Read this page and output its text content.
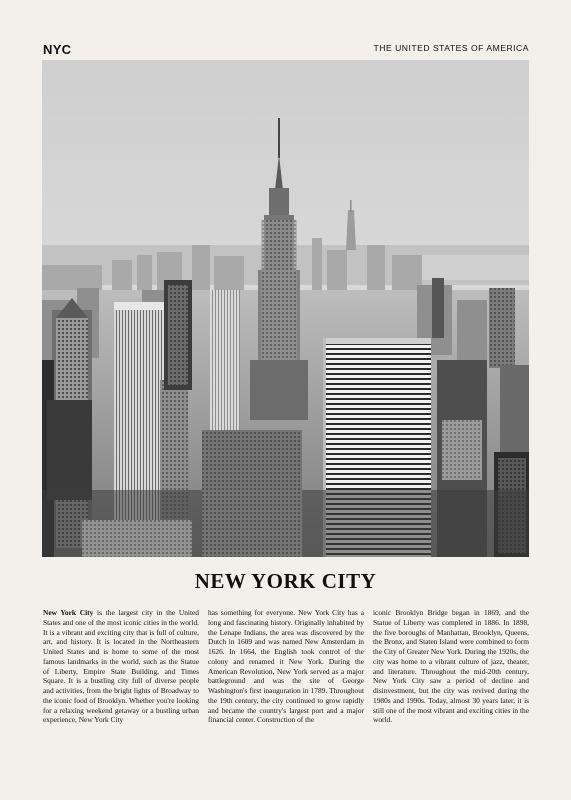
NYC	THE UNITED STATES OF AMERICA
NEW YORK CITY
New York City is the largest city in the United States and one of the most iconic cities in the world. It is a vibrant and exciting city that is full of culture, art, and history. It is located in the Northeastern United States and is home to some of the most famous landmarks in the world, such as the Statue of Liberty, Empire State Building, and Times Square. It is a bustling city full of diverse people and activities, from the bright lights of Broadway to the iconic food of Brooklyn. Whether you're looking for a relaxing weekend getaway or a bustling urban experience, New York City
has something for everyone. New York City has a long and fascinating history. Originally inhabited by the Lenape Indians, the area was discovered by the Dutch in 1609 and was named New Amsterdam in 1626. In 1664, the English took control of the colony and renamed it New York. During the American Revolution, New York served as a major battleground and was the site of George Washington's first inauguration in 1789. Throughout the 19th century, the city continued to grow rapidly and became the country's largest port and a major financial center. Construction of the
iconic Brooklyn Bridge began in 1869, and the Statue of Liberty was completed in 1886. In 1898, the five boroughs of Manhattan, Brooklyn, Queens, the Bronx, and Staten Island were combined to form the City of Greater New York. During the 1920s, the city was home to a vibrant culture of jazz, theater, and literature. Throughout the mid-20th century, New York City saw a period of decline and disinvestment, but the city was revived during the 1980s and 1990s. Today, almost 30 years later, it is still one of the most vibrant and exciting cities in the world.
